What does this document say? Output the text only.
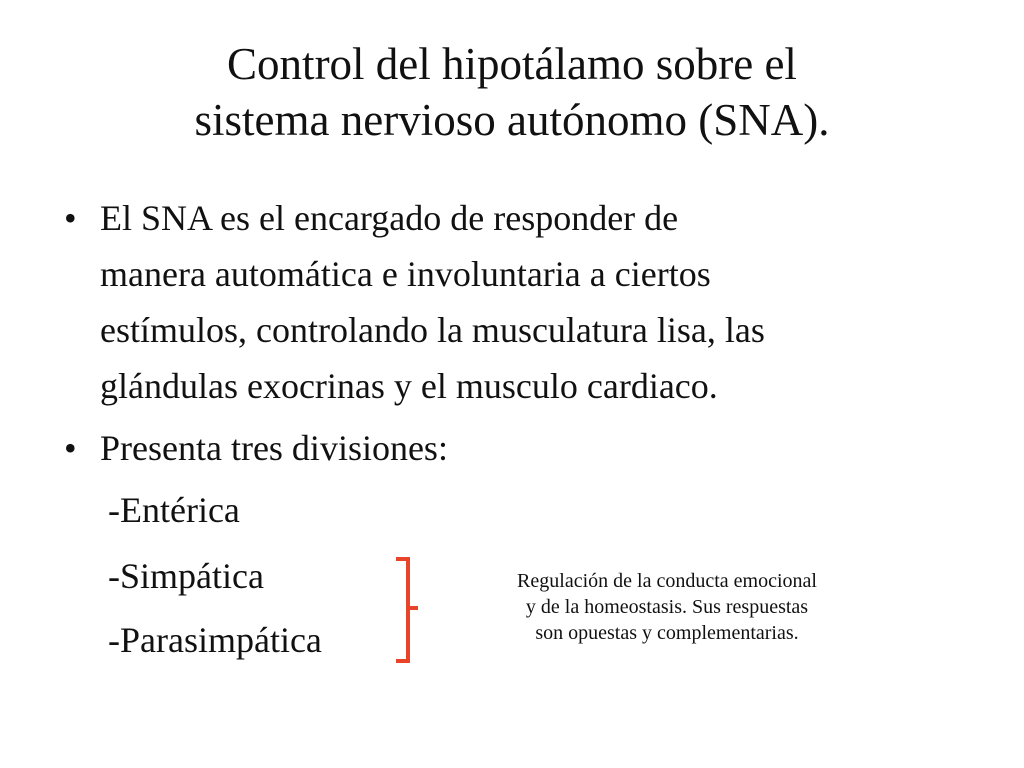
Control del hipotálamo sobre el
sistema nervioso autónomo (SNA).
• El SNA es el encargado de responder de
manera automática e involuntaria a ciertos
estímulos, controlando la musculatura lisa, las
glándulas exocrinas y el musculo cardiaco.
• Presenta tres divisiones:
-Entérica
-Simpática
-Parasimpática
Regulación de la conducta emocional
y de la homeostasis. Sus respuestas
son opuestas y complementarias.
